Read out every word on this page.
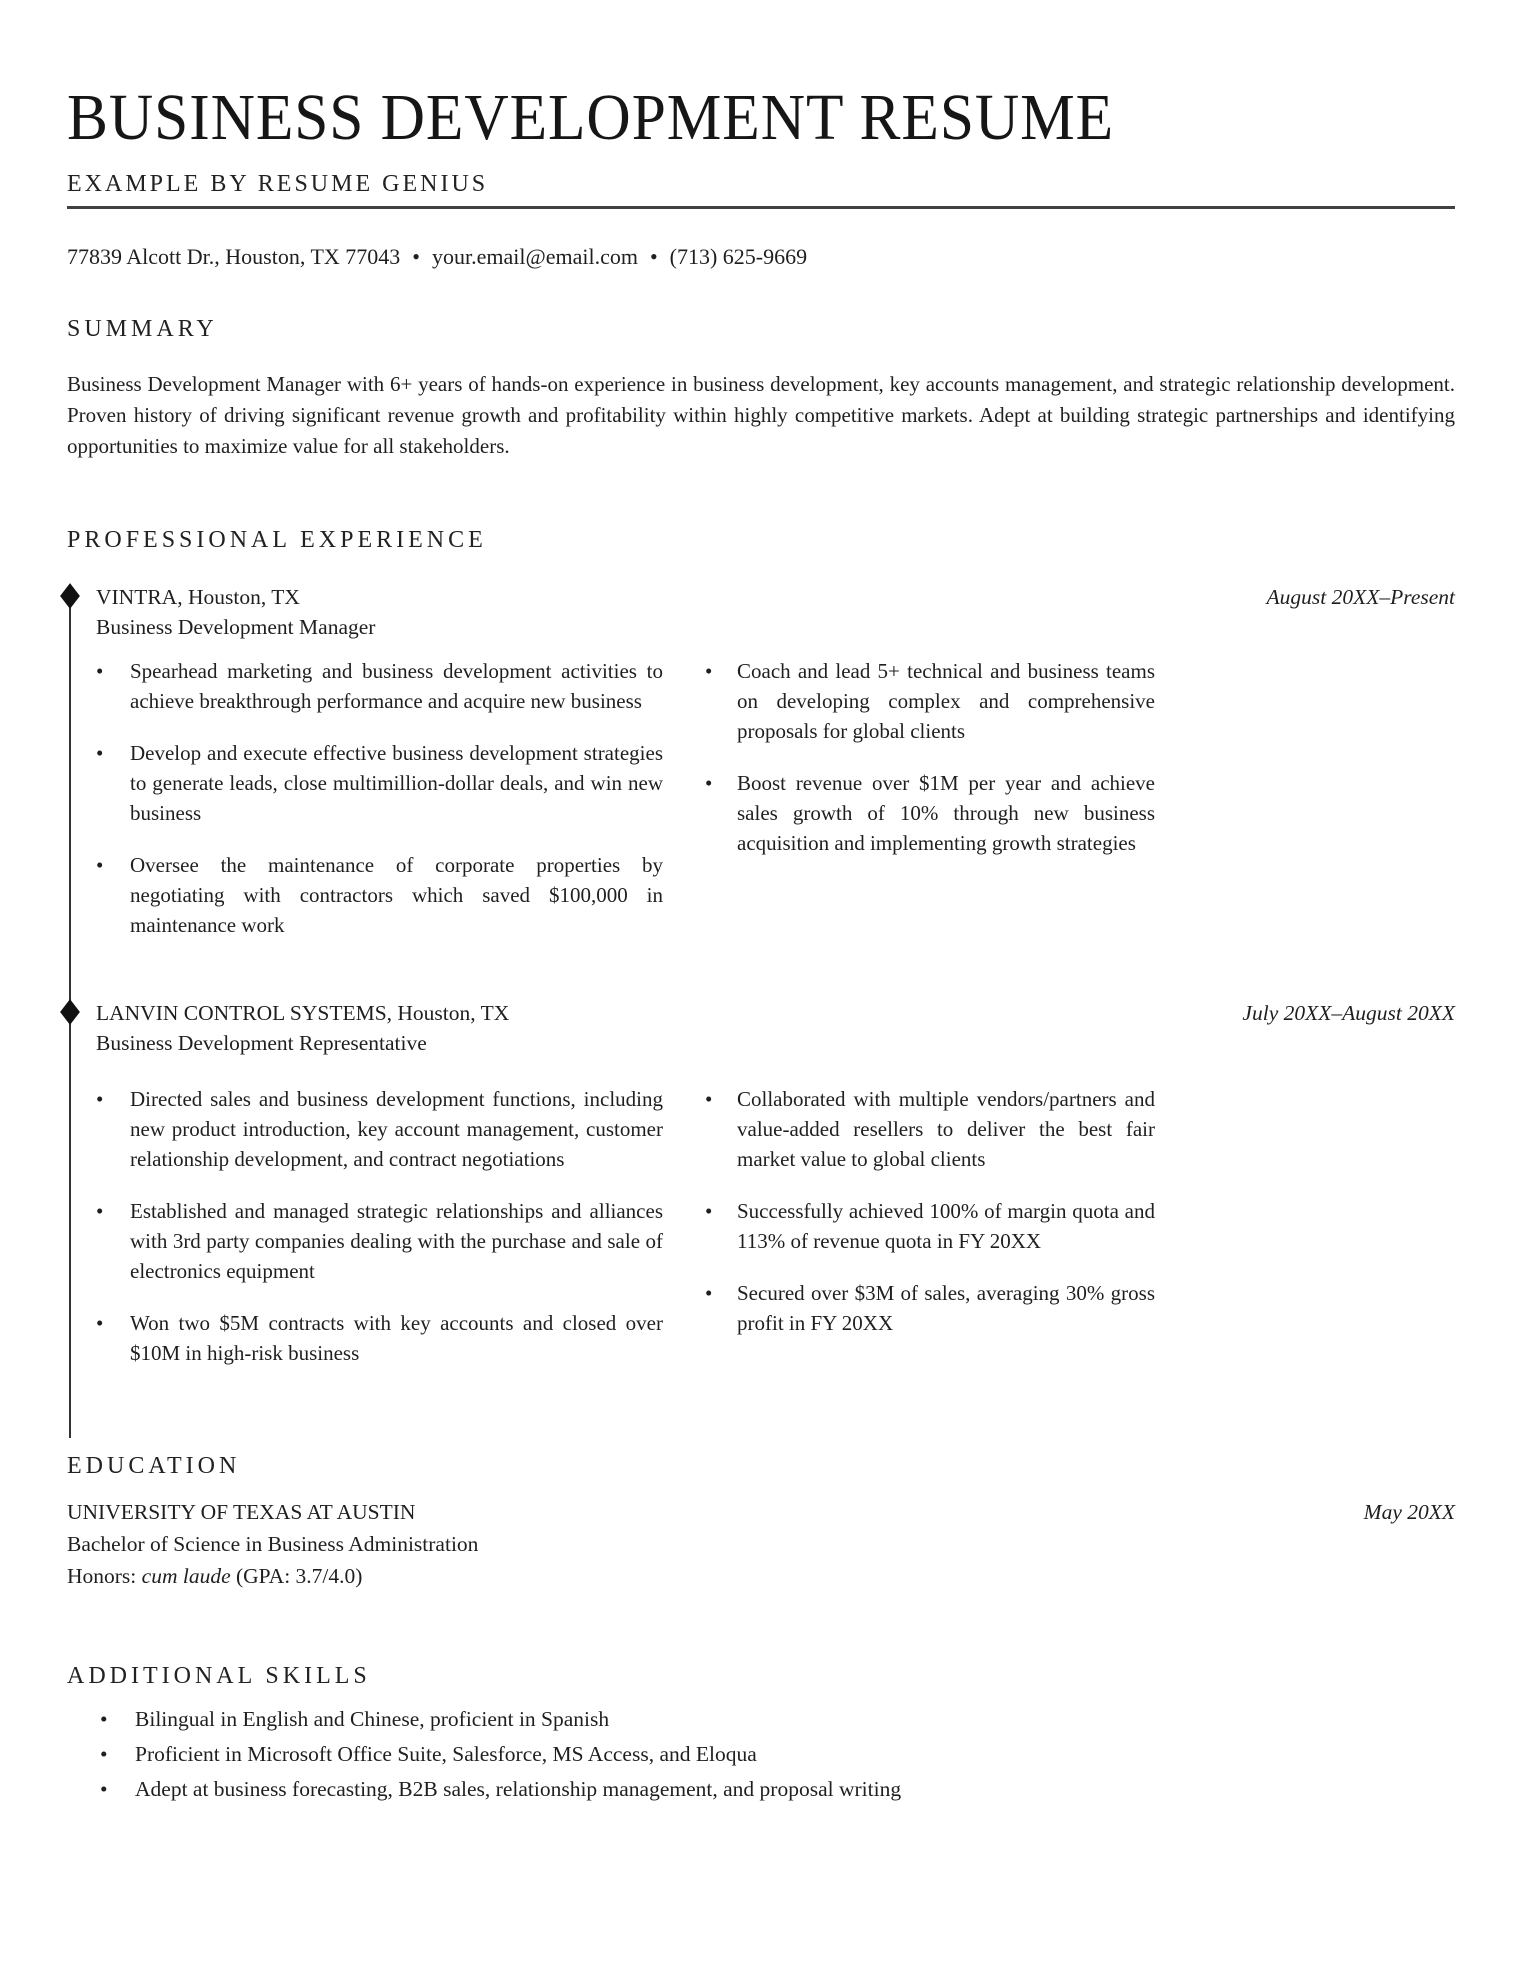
BUSINESS DEVELOPMENT RESUME
EXAMPLE BY RESUME GENIUS
77839 Alcott Dr., Houston, TX 77043 • your.email@email.com • (713) 625-9669
SUMMARY

Business Development Manager with 6+ years of hands-on experience in business development, key accounts management, and strategic relationship development. Proven history of driving significant revenue growth and profitability within highly competitive markets. Adept at building strategic partnerships and identifying opportunities to maximize value for all stakeholders.

PROFESSIONAL EXPERIENCE
VINTRA, Houston, TX
Business Development Manager
August 20XX–Present
•	Spearhead marketing and business development activities to achieve breakthrough performance and acquire new business
•	Develop and execute effective business development strategies to generate leads, close multimillion-dollar deals, and win new business
•	Oversee the maintenance of corporate properties by negotiating with contractors which saved $100,000 in maintenance work
•	Coach and lead 5+ technical and business teams on developing complex and comprehensive proposals for global clients
•	Boost revenue over $1M per year and achieve sales growth of 10% through new business acquisition and implementing growth strategies
LANVIN CONTROL SYSTEMS, Houston, TX
Business Development Representative
July 20XX–August 20XX
•	Directed sales and business development functions, including new product introduction, key account management, customer relationship development, and contract negotiations
•	Established and managed strategic relationships and alliances with 3rd party companies dealing with the purchase and sale of electronics equipment
•	Won two $5M contracts with key accounts and closed over $10M in high-risk business
•	Collaborated with multiple vendors/partners and value-added resellers to deliver the best fair market value to global clients
•	Successfully achieved 100% of margin quota and 113% of revenue quota in FY 20XX
•	Secured over $3M of sales, averaging 30% gross profit in FY 20XX
EDUCATION
UNIVERSITY OF TEXAS AT AUSTIN
Bachelor of Science in Business Administration
Honors: cum laude (GPA: 3.7/4.0)
May 20XX
ADDITIONAL SKILLS
•	Bilingual in English and Chinese, proficient in Spanish
•	Proficient in Microsoft Office Suite, Salesforce, MS Access, and Eloqua
•	Adept at business forecasting, B2B sales, relationship management, and proposal writing
